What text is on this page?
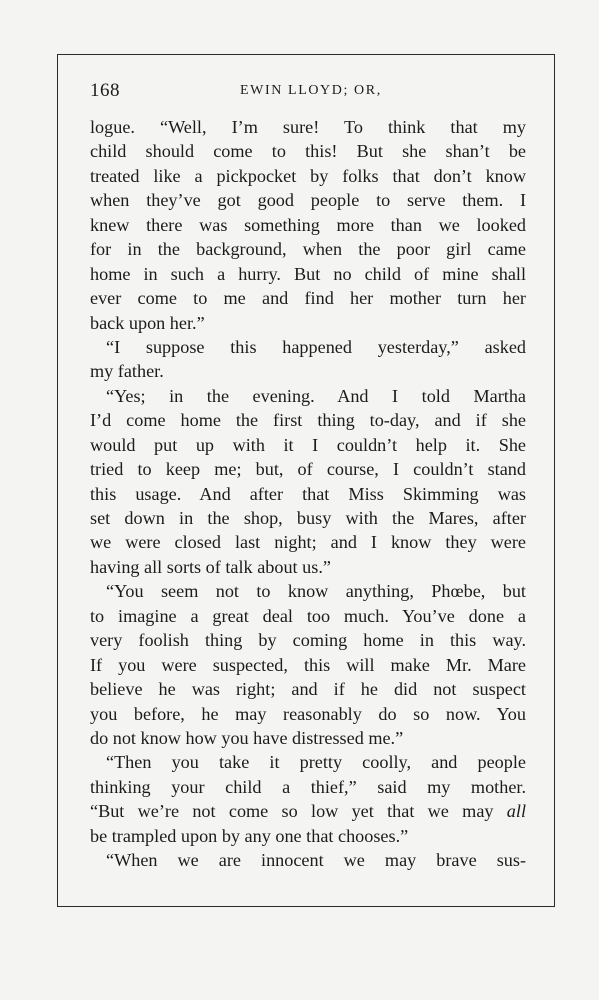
168	EWIN LLOYD; OR,
logue. “Well, I’m sure! To think that my
child should come to this! But she shan’t be
treated like a pickpocket by folks that don’t know
when they’ve got good people to serve them. I
knew there was something more than we looked
for in the background, when the poor girl came
home in such a hurry. But no child of mine shall
ever come to me and find her mother turn her
back upon her.”
“I suppose this happened yesterday,” asked
my father.
“Yes; in the evening. And I told Martha
I’d come home the first thing to-day, and if she
would put up with it I couldn’t help it. She
tried to keep me; but, of course, I couldn’t stand
this usage. And after that Miss Skimming was
set down in the shop, busy with the Mares, after
we were closed last night; and I know they were
having all sorts of talk about us.”
“You seem not to know anything, Phœbe, but
to imagine a great deal too much. You’ve done a
very foolish thing by coming home in this way.
If you were suspected, this will make Mr. Mare
believe he was right; and if he did not suspect
you before, he may reasonably do so now. You
do not know how you have distressed me.”
“Then you take it pretty coolly, and people
thinking your child a thief,” said my mother.
“But we’re not come so low yet that we may all
be trampled upon by any one that chooses.”
“When we are innocent we may brave sus-
